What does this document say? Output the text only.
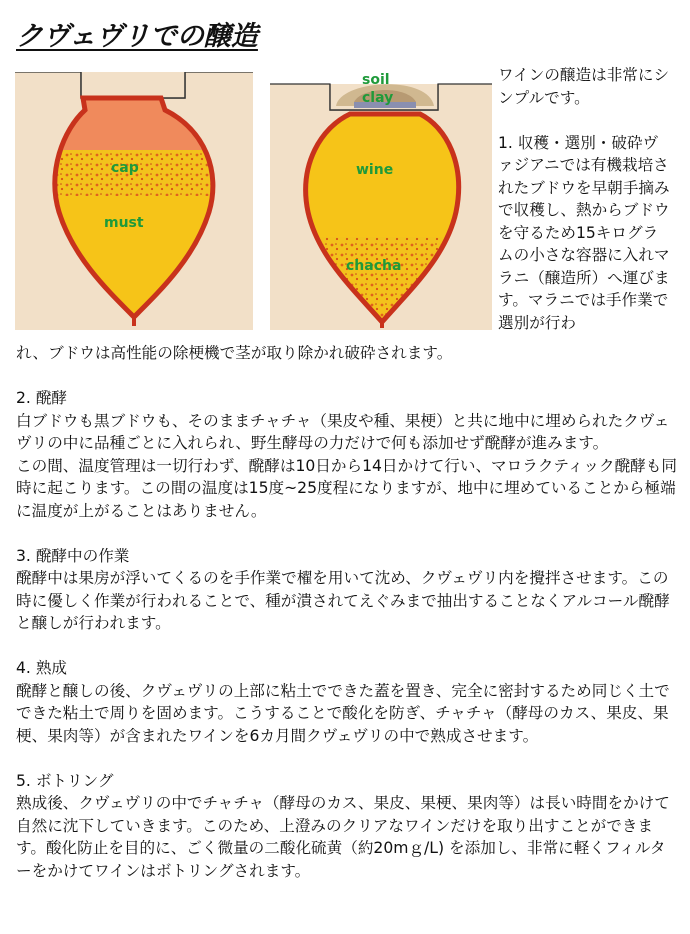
クヴェヴリでの醸造
cap
must
soil
clay
wine
chacha

ワインの醸造は非常にシンプルです。

1. 収穫・選別・破砕ヴァジアニでは有機栽培されたブドウを早朝手摘みで収穫し、熱からブドウを守るため15キログラムの小さな容器に入れマラニ（醸造所）へ運びます。マラニでは手作業で選別が行わ

れ、ブドウは高性能の除梗機で茎が取り除かれ破砕されます。

2. 醗酵

白ブドウも黒ブドウも、そのままチャチャ（果皮や種、果梗）と共に地中に埋められたクヴェヴリの中に品種ごとに入れられ、野生酵母の力だけで何も添加せず醗酵が進みます。

この間、温度管理は一切行わず、醗酵は10日から14日かけて行い、マロラクティック醗酵も同時に起こります。この間の温度は15度~25度程になりますが、地中に埋めていることから極端に温度が上がることはありません。

3. 醗酵中の作業

醗酵中は果房が浮いてくるのを手作業で櫂を用いて沈め、クヴェヴリ内を攪拌させます。この時に優しく作業が行われることで、種が潰されてえぐみまで抽出することなくアルコール醗酵と醸しが行われます。

4. 熟成

醗酵と醸しの後、クヴェヴリの上部に粘土でできた蓋を置き、完全に密封するため同じく土でできた粘土で周りを固めます。こうすることで酸化を防ぎ、チャチャ（酵母のカス、果皮、果梗、果肉等）が含まれたワインを6カ月間クヴェヴリの中で熟成させます。

5. ボトリング

熟成後、クヴェヴリの中でチャチャ（酵母のカス、果皮、果梗、果肉等）は長い時間をかけて自然に沈下していきます。このため、上澄みのクリアなワインだけを取り出すことができます。酸化防止を目的に、ごく微量の二酸化硫黄（約20mｇ/L) を添加し、非常に軽くフィルターをかけてワインはボトリングされます。
